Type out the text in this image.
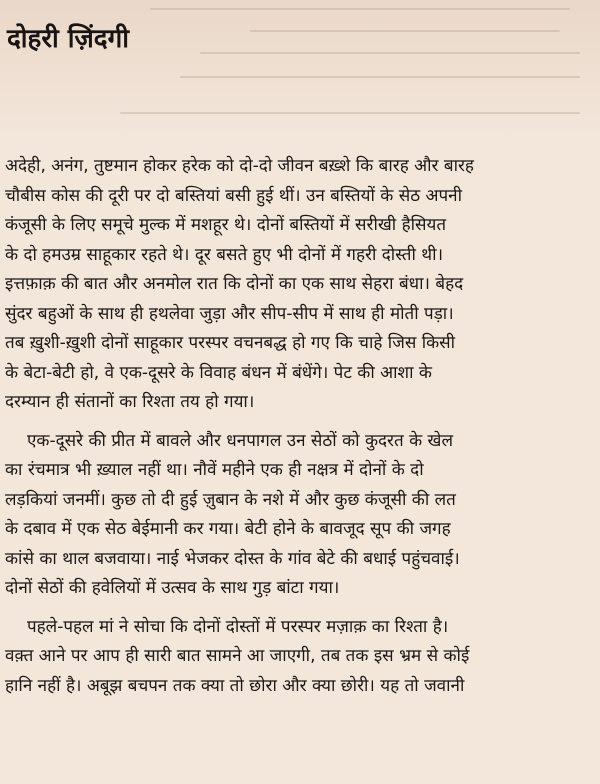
दोहरी ज़िंदगी
अदेही, अनंग, तुष्टमान होकर हरेक को दो-दो जीवन बख़्शे कि बारह और बारह
चौबीस कोस की दूरी पर दो बस्तियां बसी हुई थीं। उन बस्तियों के सेठ अपनी
कंजूसी के लिए समूचे मुल्क में मशहूर थे। दोनों बस्तियों में सरीखी हैसियत
के दो हमउम्र साहूकार रहते थे। दूर बसते हुए भी दोनों में गहरी दोस्ती थी।
इत्तफ़ाक़ की बात और अनमोल रात कि दोनों का एक साथ सेहरा बंधा। बेहद
सुंदर बहुओं के साथ ही हथलेवा जुड़ा और सीप-सीप में साथ ही मोती पड़ा।
तब ख़ुशी-ख़ुशी दोनों साहूकार परस्पर वचनबद्ध हो गए कि चाहे जिस किसी
के बेटा-बेटी हो, वे एक-दूसरे के विवाह बंधन में बंधेंगे। पेट की आशा के
दरम्यान ही संतानों का रिश्ता तय हो गया।
एक-दूसरे की प्रीत में बावले और धनपागल उन सेठों को कुदरत के खेल
का रंचमात्र भी ख़्याल नहीं था। नौवें महीने एक ही नक्षत्र में दोनों के दो
लड़कियां जनमीं। कुछ तो दी हुई ज़ुबान के नशे में और कुछ कंजूसी की लत
के दबाव में एक सेठ बेईमानी कर गया। बेटी होने के बावजूद सूप की जगह
कांसे का थाल बजवाया। नाई भेजकर दोस्त के गांव बेटे की बधाई पहुंचवाई।
दोनों सेठों की हवेलियों में उत्सव के साथ गुड़ बांटा गया।
पहले-पहल मां ने सोचा कि दोनों दोस्तों में परस्पर मज़ाक़ का रिश्ता है।
वक़्त आने पर आप ही सारी बात सामने आ जाएगी, तब तक इस भ्रम से कोई
हानि नहीं है। अबूझ बचपन तक क्या तो छोरा और क्या छोरी। यह तो जवानी
